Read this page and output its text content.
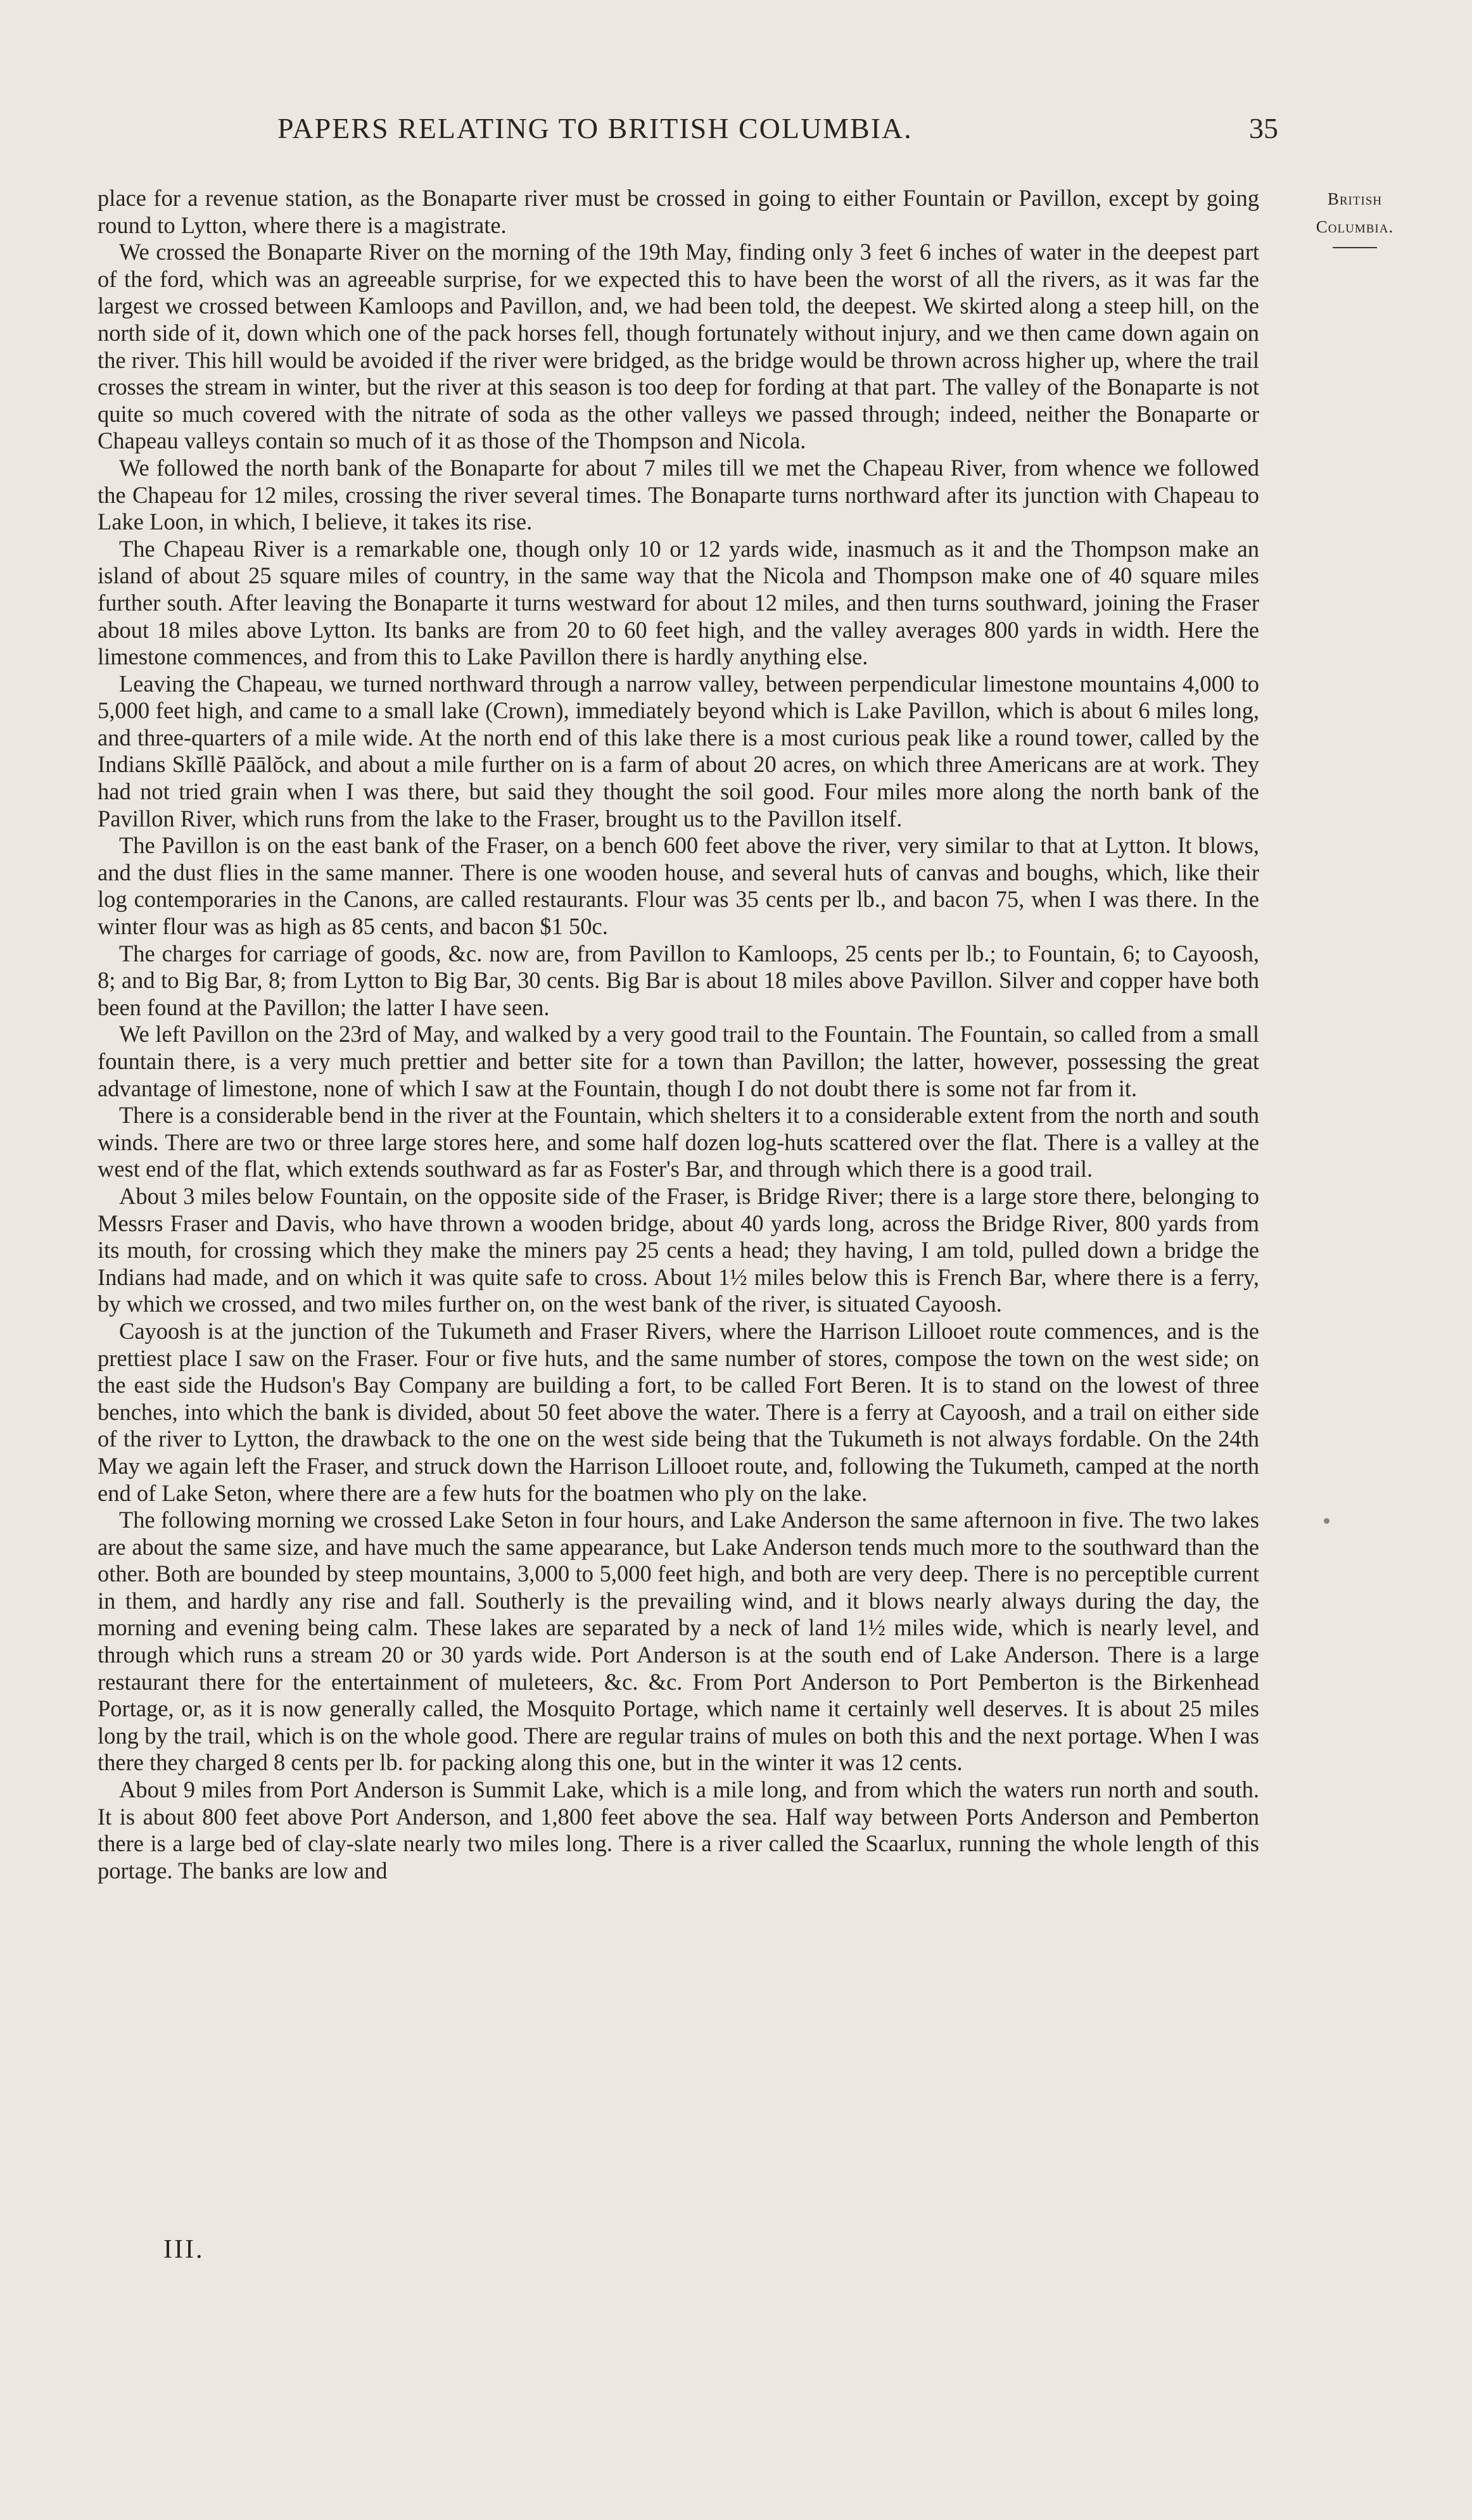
PAPERS RELATING TO BRITISH COLUMBIA.	35
British
Columbia.

place for a revenue station, as the Bonaparte river must be crossed in going to either Fountain or Pavillon, except by going round to Lytton, where there is a magistrate.

We crossed the Bonaparte River on the morning of the 19th May, finding only 3 feet 6 inches of water in the deepest part of the ford, which was an agreeable surprise, for we expected this to have been the worst of all the rivers, as it was far the largest we crossed between Kamloops and Pavillon, and, we had been told, the deepest. We skirted along a steep hill, on the north side of it, down which one of the pack horses fell, though fortunately without injury, and we then came down again on the river. This hill would be avoided if the river were bridged, as the bridge would be thrown across higher up, where the trail crosses the stream in winter, but the river at this season is too deep for fording at that part. The valley of the Bonaparte is not quite so much covered with the nitrate of soda as the other valleys we passed through; indeed, neither the Bonaparte or Chapeau valleys contain so much of it as those of the Thompson and Nicola.

We followed the north bank of the Bonaparte for about 7 miles till we met the Chapeau River, from whence we followed the Chapeau for 12 miles, crossing the river several times. The Bonaparte turns northward after its junction with Chapeau to Lake Loon, in which, I believe, it takes its rise.

The Chapeau River is a remarkable one, though only 10 or 12 yards wide, inasmuch as it and the Thompson make an island of about 25 square miles of country, in the same way that the Nicola and Thompson make one of 40 square miles further south. After leaving the Bonaparte it turns westward for about 12 miles, and then turns southward, joining the Fraser about 18 miles above Lytton. Its banks are from 20 to 60 feet high, and the valley averages 800 yards in width. Here the limestone commences, and from this to Lake Pavillon there is hardly anything else.

Leaving the Chapeau, we turned northward through a narrow valley, between perpendicular limestone mountains 4,000 to 5,000 feet high, and came to a small lake (Crown), immediately beyond which is Lake Pavillon, which is about 6 miles long, and three-quarters of a mile wide. At the north end of this lake there is a most curious peak like a round tower, called by the Indians Skĭllĕ Pāālŏck, and about a mile further on is a farm of about 20 acres, on which three Americans are at work. They had not tried grain when I was there, but said they thought the soil good. Four miles more along the north bank of the Pavillon River, which runs from the lake to the Fraser, brought us to the Pavillon itself.

The Pavillon is on the east bank of the Fraser, on a bench 600 feet above the river, very similar to that at Lytton. It blows, and the dust flies in the same manner. There is one wooden house, and several huts of canvas and boughs, which, like their log contemporaries in the Canons, are called restaurants. Flour was 35 cents per lb., and bacon 75, when I was there. In the winter flour was as high as 85 cents, and bacon $1 50c.

The charges for carriage of goods, &c. now are, from Pavillon to Kamloops, 25 cents per lb.; to Fountain, 6; to Cayoosh, 8; and to Big Bar, 8; from Lytton to Big Bar, 30 cents. Big Bar is about 18 miles above Pavillon. Silver and copper have both been found at the Pavillon; the latter I have seen.

We left Pavillon on the 23rd of May, and walked by a very good trail to the Fountain. The Fountain, so called from a small fountain there, is a very much prettier and better site for a town than Pavillon; the latter, however, possessing the great advantage of limestone, none of which I saw at the Fountain, though I do not doubt there is some not far from it.

There is a considerable bend in the river at the Fountain, which shelters it to a considerable extent from the north and south winds. There are two or three large stores here, and some half dozen log-huts scattered over the flat. There is a valley at the west end of the flat, which extends southward as far as Foster's Bar, and through which there is a good trail.

About 3 miles below Fountain, on the opposite side of the Fraser, is Bridge River; there is a large store there, belonging to Messrs Fraser and Davis, who have thrown a wooden bridge, about 40 yards long, across the Bridge River, 800 yards from its mouth, for crossing which they make the miners pay 25 cents a head; they having, I am told, pulled down a bridge the Indians had made, and on which it was quite safe to cross. About 1½ miles below this is French Bar, where there is a ferry, by which we crossed, and two miles further on, on the west bank of the river, is situated Cayoosh.

Cayoosh is at the junction of the Tukumeth and Fraser Rivers, where the Harrison Lillooet route commences, and is the prettiest place I saw on the Fraser. Four or five huts, and the same number of stores, compose the town on the west side; on the east side the Hudson's Bay Company are building a fort, to be called Fort Beren. It is to stand on the lowest of three benches, into which the bank is divided, about 50 feet above the water. There is a ferry at Cayoosh, and a trail on either side of the river to Lytton, the drawback to the one on the west side being that the Tukumeth is not always fordable. On the 24th May we again left the Fraser, and struck down the Harrison Lillooet route, and, following the Tukumeth, camped at the north end of Lake Seton, where there are a few huts for the boatmen who ply on the lake.

The following morning we crossed Lake Seton in four hours, and Lake Anderson the same afternoon in five. The two lakes are about the same size, and have much the same appearance, but Lake Anderson tends much more to the southward than the other. Both are bounded by steep mountains, 3,000 to 5,000 feet high, and both are very deep. There is no perceptible current in them, and hardly any rise and fall. Southerly is the prevailing wind, and it blows nearly always during the day, the morning and evening being calm. These lakes are separated by a neck of land 1½ miles wide, which is nearly level, and through which runs a stream 20 or 30 yards wide. Port Anderson is at the south end of Lake Anderson. There is a large restaurant there for the entertainment of muleteers, &c. &c. From Port Anderson to Port Pemberton is the Birkenhead Portage, or, as it is now generally called, the Mosquito Portage, which name it certainly well deserves. It is about 25 miles long by the trail, which is on the whole good. There are regular trains of mules on both this and the next portage. When I was there they charged 8 cents per lb. for packing along this one, but in the winter it was 12 cents.

About 9 miles from Port Anderson is Summit Lake, which is a mile long, and from which the waters run north and south. It is about 800 feet above Port Anderson, and 1,800 feet above the sea. Half way between Ports Anderson and Pemberton there is a large bed of clay-slate nearly two miles long. There is a river called the Scaarlux, running the whole length of this portage. The banks are low and

III.
